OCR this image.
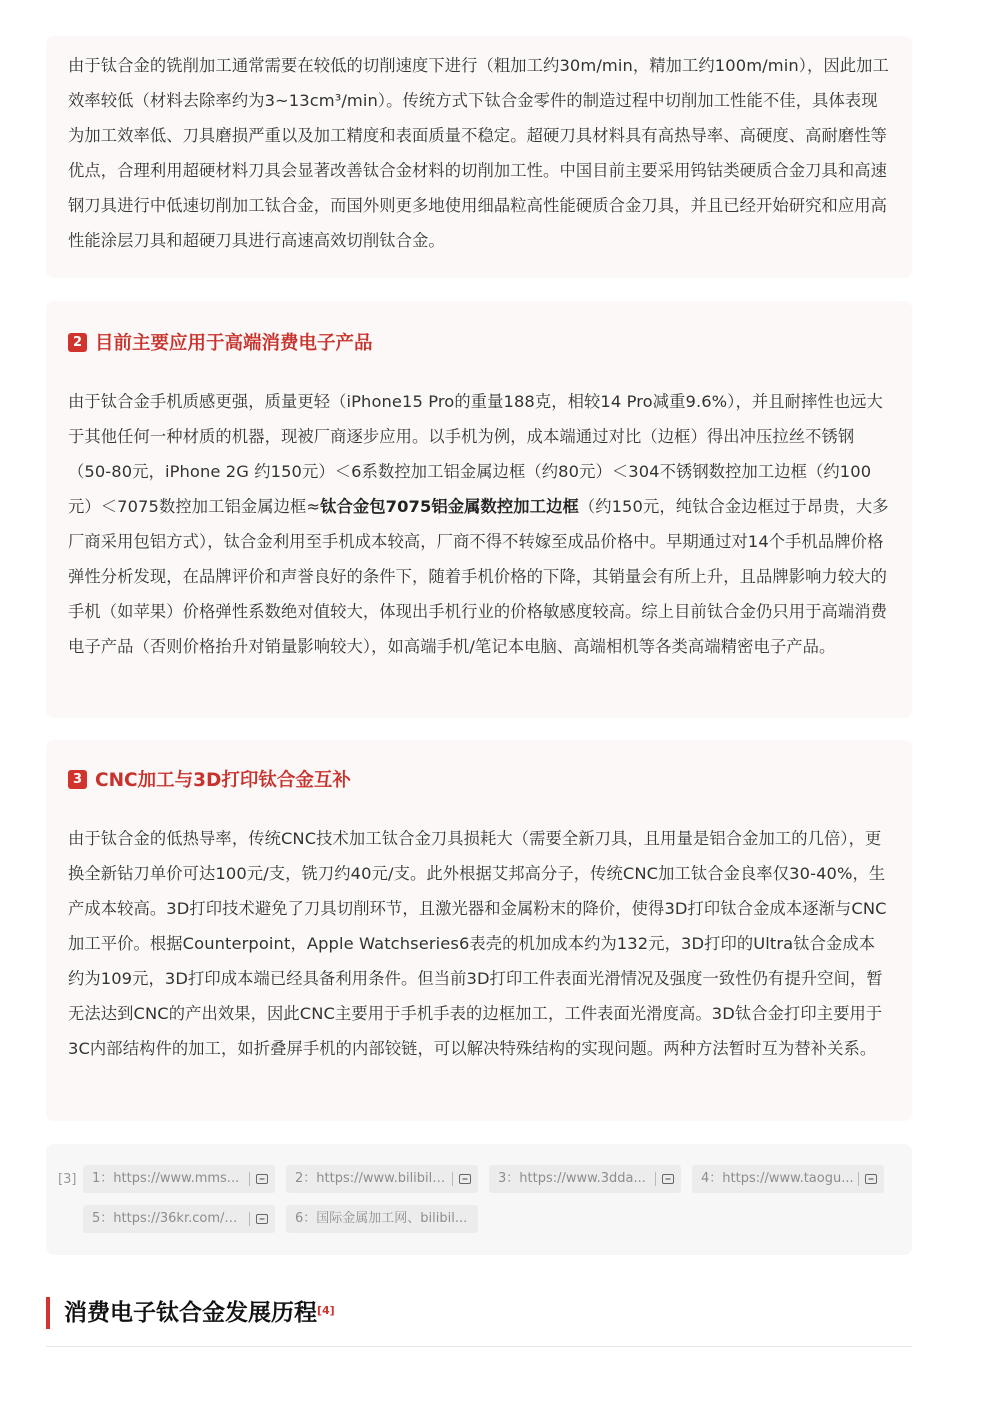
由于钛合金的铣削加工通常需要在较低的切削速度下进行（粗加工约30m/min，精加工约100m/min），因此加工效率较低（材料去除率约为3~13cm³/min）。传统方式下钛合金零件的制造过程中切削加工性能不佳，具体表现为加工效率低、刀具磨损严重以及加工精度和表面质量不稳定。超硬刀具材料具有高热导率、高硬度、高耐磨性等优点，合理利用超硬材料刀具会显著改善钛合金材料的切削加工性。中国目前主要采用钨钴类硬质合金刀具和高速钢刀具进行中低速切削加工钛合金，而国外则更多地使用细晶粒高性能硬质合金刀具，并且已经开始研究和应用高性能涂层刀具和超硬刀具进行高速高效切削钛合金。

2 目前主要应用于高端消费电子产品

由于钛合金手机质感更强，质量更轻（iPhone15 Pro的重量188克，相较14 Pro减重9.6%），并且耐摔性也远大于其他任何一种材质的机器，现被厂商逐步应用。以手机为例，成本端通过对比（边框）得出冲压拉丝不锈钢（50-80元，iPhone 2G 约150元）＜6系数控加工铝金属边框（约80元）＜304不锈钢数控加工边框（约100元）＜7075数控加工铝金属边框≈钛合金包7075铝金属数控加工边框（约150元，纯钛合金边框过于昂贵，大多厂商采用包铝方式），钛合金利用至手机成本较高，厂商不得不转嫁至成品价格中。早期通过对14个手机品牌价格弹性分析发现，在品牌评价和声誉良好的条件下，随着手机价格的下降，其销量会有所上升，且品牌影响力较大的手机（如苹果）价格弹性系数绝对值较大，体现出手机行业的价格敏感度较高。综上目前钛合金仍只用于高端消费电子产品（否则价格抬升对销量影响较大），如高端手机/笔记本电脑、高端相机等各类高端精密电子产品。

3 CNC加工与3D打印钛合金互补

由于钛合金的低热导率，传统CNC技术加工钛合金刀具损耗大（需要全新刀具，且用量是铝合金加工的几倍），更换全新钻刀单价可达100元/支，铣刀约40元/支。此外根据艾邦高分子，传统CNC加工钛合金良率仅30-40%，生产成本较高。3D打印技术避免了刀具切削环节，且激光器和金属粉末的降价，使得3D打印钛合金成本逐渐与CNC加工平价。根据Counterpoint，Apple Watchseries6表壳的机加成本约为132元，3D打印的Ultra钛合金成本约为109元，3D打印成本端已经具备利用条件。但当前3D打印工件表面光滑情况及强度一致性仍有提升空间，暂无法达到CNC的产出效果，因此CNC主要用于手机手表的边框加工，工件表面光滑度高。3D钛合金打印主要用于3C内部结构件的加工，如折叠屏手机的内部铰链，可以解决特殊结构的实现问题。两种方法暂时互为替补关系。

[3]	1：https://www.mms...	2：https://www.bilibili...	3：https://www.3dda...	4：https://www.taogu...
5：https://36kr.com/p...	6：国际金属加工网、bilibil...
消费电子钛合金发展历程[4]
